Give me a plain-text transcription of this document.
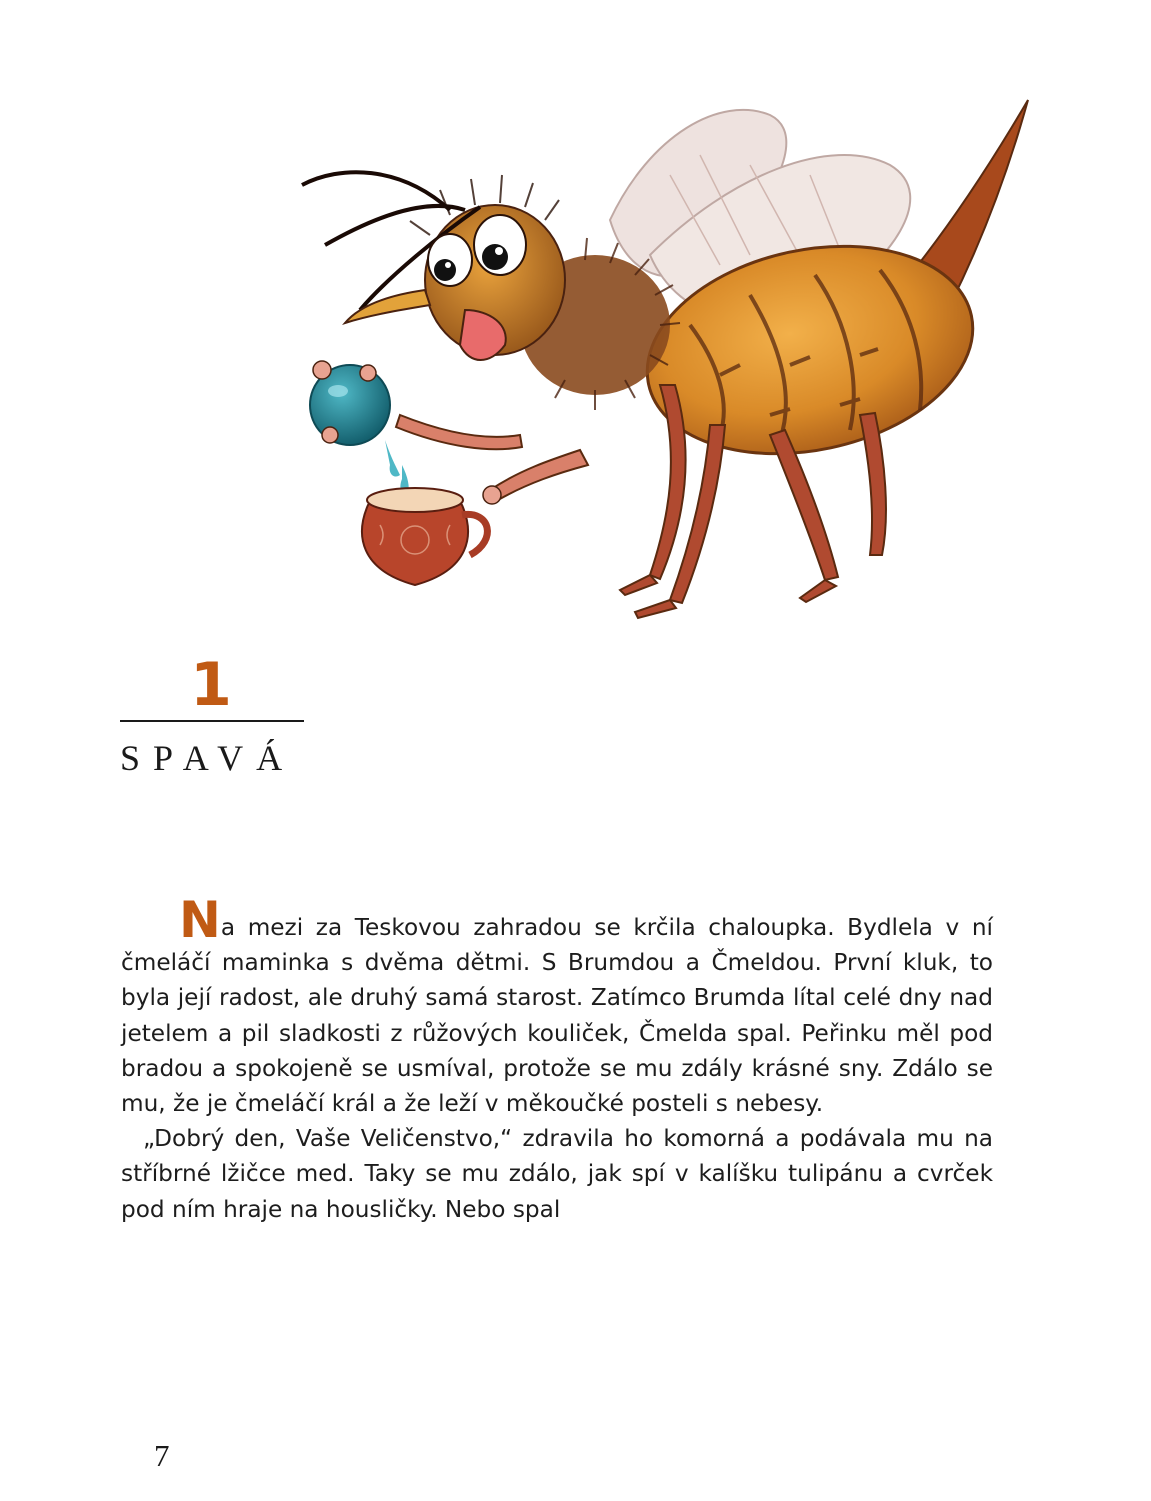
1
SPAVÁ

Na mezi za Teskovou zahradou se krčila chaloupka. Bydlela v ní čmeláčí maminka s dvěma dětmi. S Brumdou a Čmeldou. První kluk, to byla její radost, ale druhý samá starost. Zatímco Brumda lítal celé dny nad jetelem a pil sladkosti z růžových kouliček, Čmelda spal. Peřinku měl pod bradou a spokojeně se usmíval, protože se mu zdály krásné sny. Zdálo se mu, že je čmeláčí král a že leží v měkoučké posteli s nebesy.

„Dobrý den, Vaše Veličenstvo,“ zdravila ho komorná a podávala mu na stříbrné lžičce med. Taky se mu zdálo, jak spí v kalíšku tulipánu a cvrček pod ním hraje na housličky. Nebo spal

7
